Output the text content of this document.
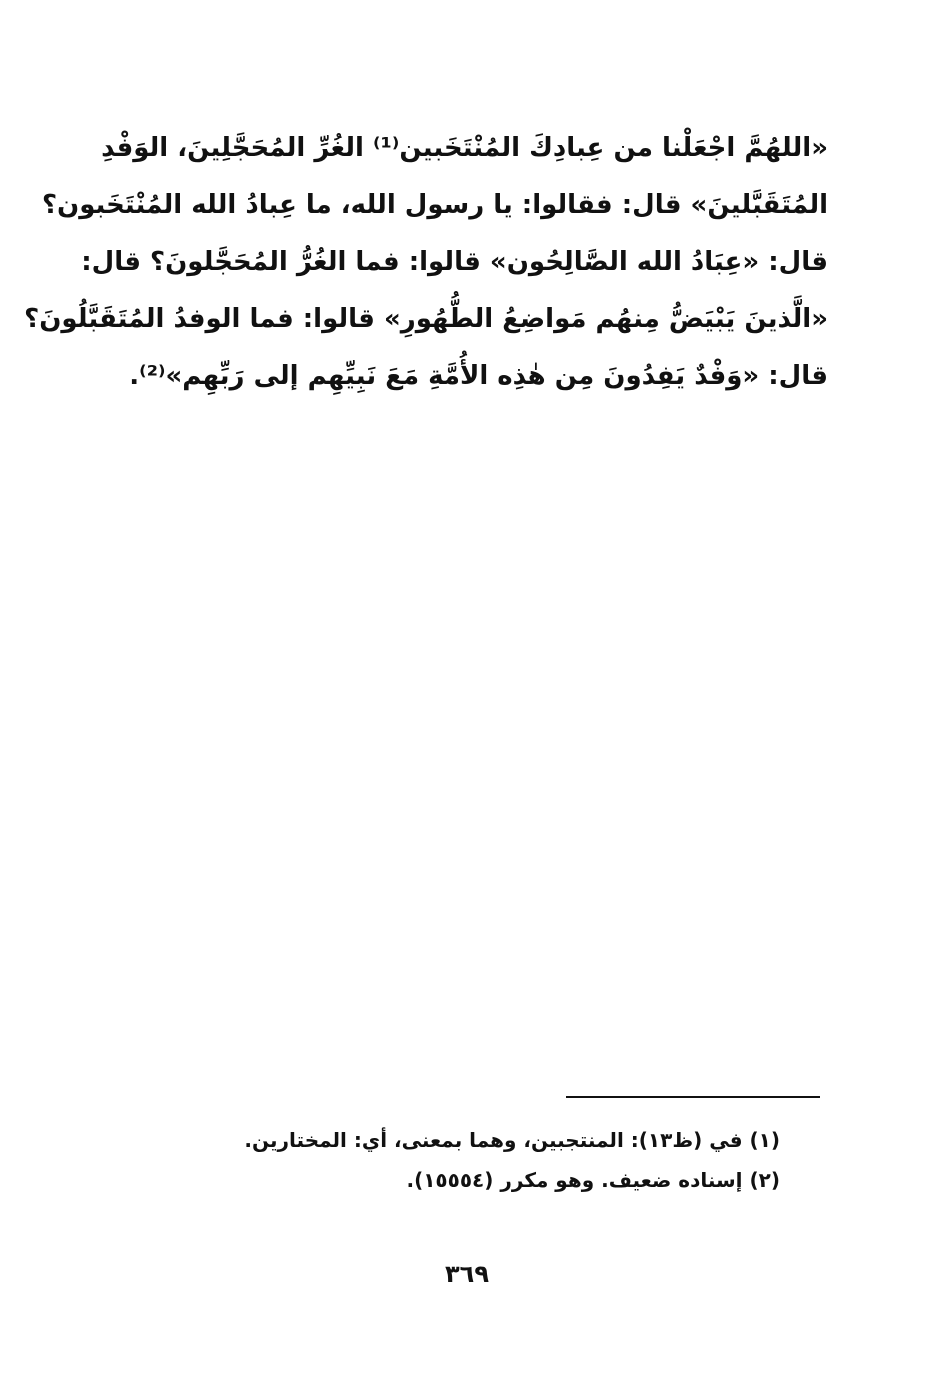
«اللهُمَّ اجْعَلْنا من عِبادِكَ المُنْتَخَبين⁽¹⁾ الغُرِّ المُحَجَّلِينَ، الوَفْدِ
المُتَقَبَّلينَ» قال: فقالوا: يا رسول الله، ما عِبادُ الله المُنْتَخَبون؟
قال: «عِبَادُ الله الصَّالِحُون» قالوا: فما الغُرُّ المُحَجَّلونَ؟ قال:
«الَّذينَ يَبْيَضُّ مِنهُم مَواضِعُ الطُّهُورِ» قالوا: فما الوفدُ المُتَقَبَّلُونَ؟
قال: «وَفْدٌ يَفِدُونَ مِن هٰذِه الأُمَّةِ مَعَ نَبِيِّهِم إلى رَبِّهِم»⁽²⁾.
(١) في (ظ١٣): المنتجبين، وهما بمعنى، أي: المختارين.
(٢) إسناده ضعيف. وهو مكرر (١٥٥٥٤).
٣٦٩
